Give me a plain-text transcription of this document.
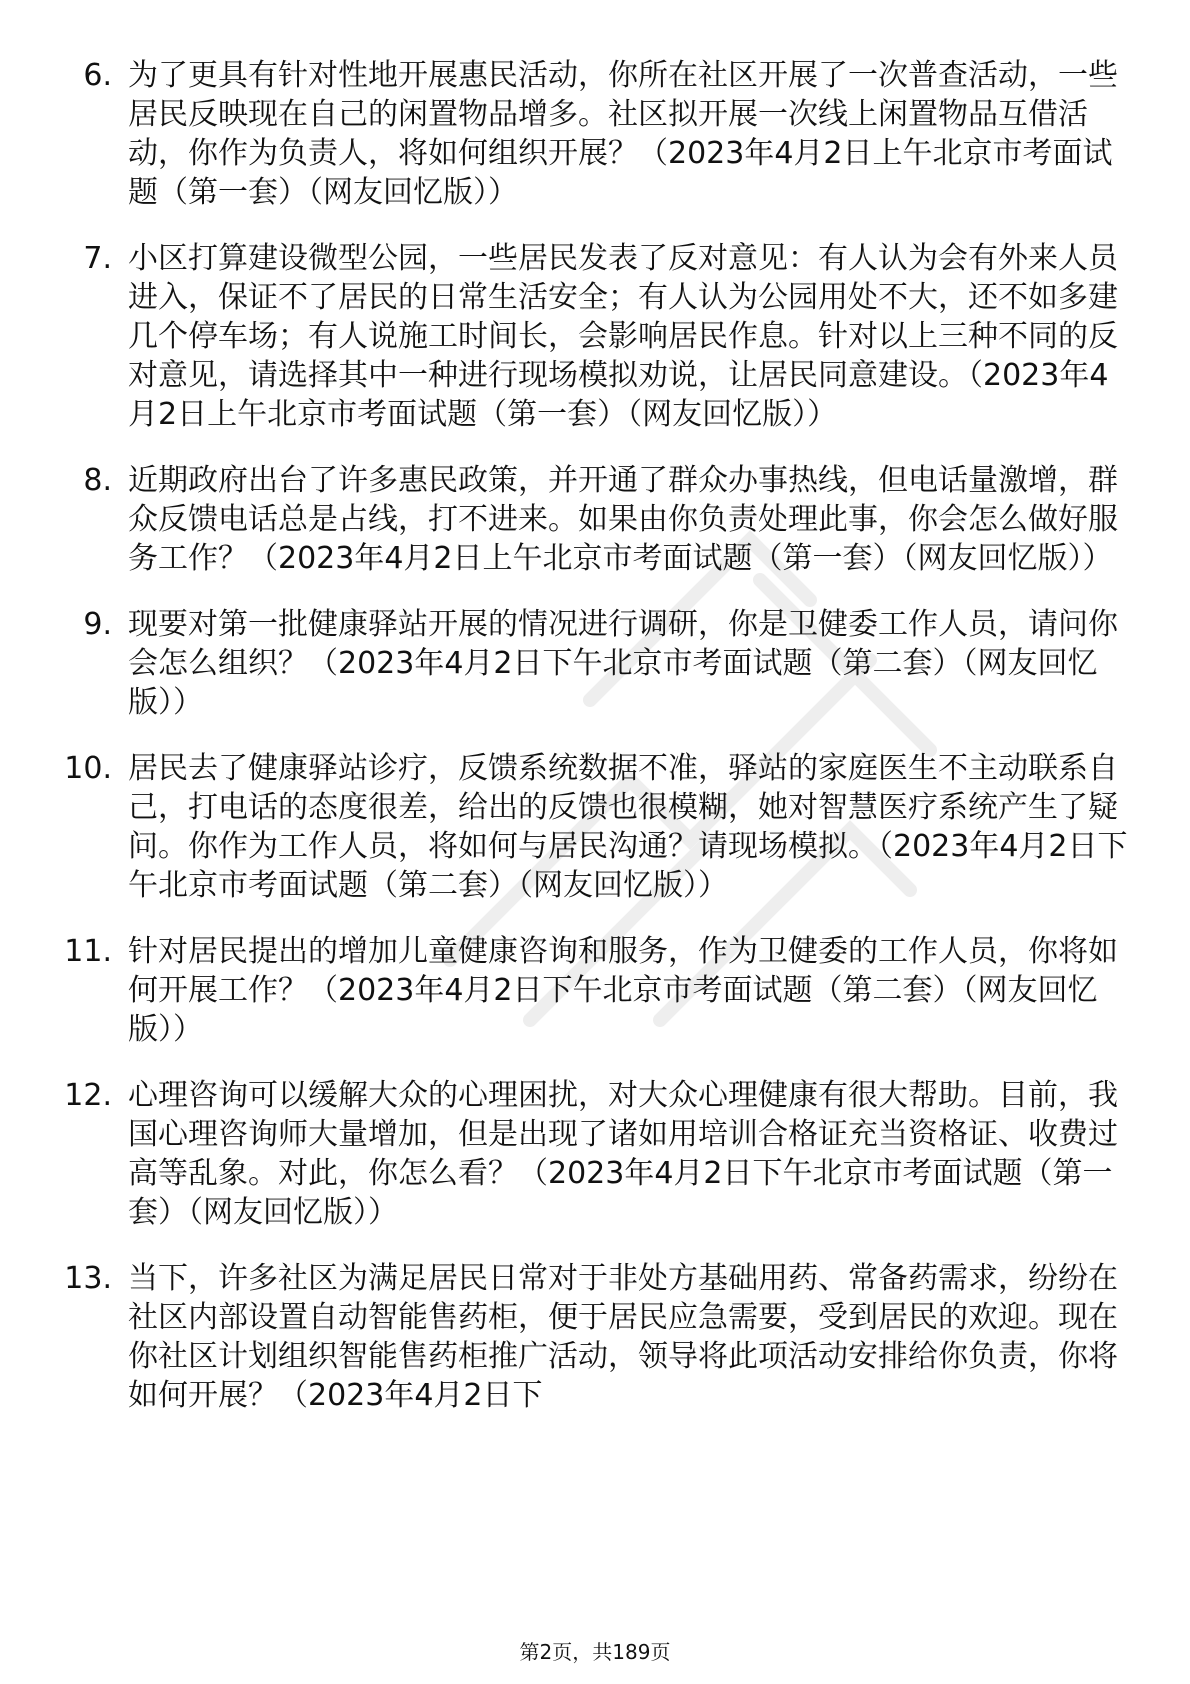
6. 为了更具有针对性地开展惠民活动，你所在社区开展了一次普查活动，一些居民反映现在自己的闲置物品增多。社区拟开展一次线上闲置物品互借活动，你作为负责人，将如何组织开展？（2023年4月2日上午北京市考面试题（第一套）（网友回忆版））
7. 小区打算建设微型公园，一些居民发表了反对意见：有人认为会有外来人员进入，保证不了居民的日常生活安全；有人认为公园用处不大，还不如多建几个停车场；有人说施工时间长，会影响居民作息。针对以上三种不同的反对意见，请选择其中一种进行现场模拟劝说，让居民同意建设。（2023年4月2日上午北京市考面试题（第一套）（网友回忆版））
8. 近期政府出台了许多惠民政策，并开通了群众办事热线，但电话量激增，群众反馈电话总是占线，打不进来。如果由你负责处理此事，你会怎么做好服务工作？（2023年4月2日上午北京市考面试题（第一套）（网友回忆版））
9. 现要对第一批健康驿站开展的情况进行调研，你是卫健委工作人员，请问你会怎么组织？（2023年4月2日下午北京市考面试题（第二套）（网友回忆版））
10. 居民去了健康驿站诊疗，反馈系统数据不准，驿站的家庭医生不主动联系自己，打电话的态度很差，给出的反馈也很模糊，她对智慧医疗系统产生了疑问。你作为工作人员，将如何与居民沟通？请现场模拟。（2023年4月2日下午北京市考面试题（第二套）（网友回忆版））
11. 针对居民提出的增加儿童健康咨询和服务，作为卫健委的工作人员，你将如何开展工作？（2023年4月2日下午北京市考面试题（第二套）（网友回忆版））
12. 心理咨询可以缓解大众的心理困扰，对大众心理健康有很大帮助。目前，我国心理咨询师大量增加，但是出现了诸如用培训合格证充当资格证、收费过高等乱象。对此，你怎么看？（2023年4月2日下午北京市考面试题（第一套）（网友回忆版））
13. 当下，许多社区为满足居民日常对于非处方基础用药、常备药需求，纷纷在社区内部设置自动智能售药柜，便于居民应急需要，受到居民的欢迎。现在你社区计划组织智能售药柜推广活动，领导将此项活动安排给你负责，你将如何开展？（2023年4月2日下
第2页，共189页
